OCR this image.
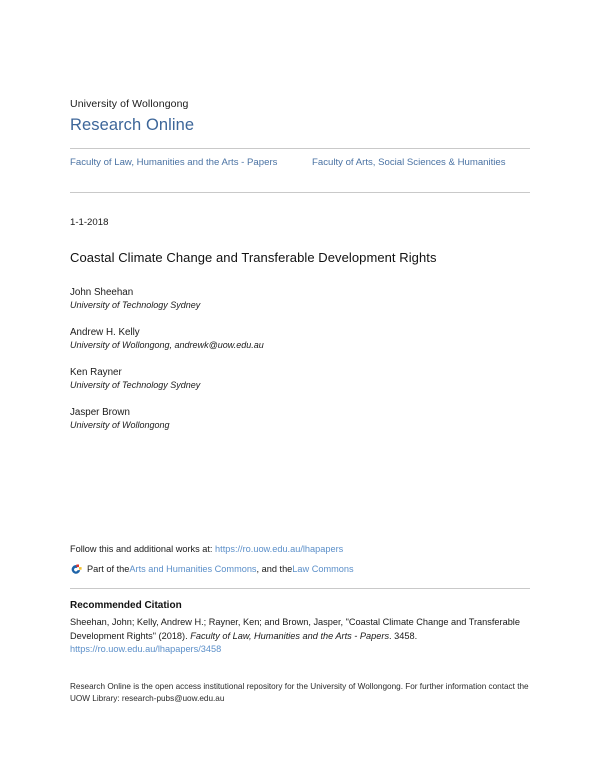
University of Wollongong
Research Online
Faculty of Law, Humanities and the Arts - Papers	Faculty of Arts, Social Sciences & Humanities
1-1-2018
Coastal Climate Change and Transferable Development Rights
John Sheehan
University of Technology Sydney
Andrew H. Kelly
University of Wollongong, andrewk@uow.edu.au
Ken Rayner
University of Technology Sydney
Jasper Brown
University of Wollongong
Follow this and additional works at: https://ro.uow.edu.au/lhapapers
Part of the Arts and Humanities Commons , and the Law Commons
Recommended Citation
Sheehan, John; Kelly, Andrew H.; Rayner, Ken; and Brown, Jasper, "Coastal Climate Change and Transferable Development Rights" (2018). Faculty of Law, Humanities and the Arts - Papers. 3458.
https://ro.uow.edu.au/lhapapers/3458
Research Online is the open access institutional repository for the University of Wollongong. For further information contact the UOW Library: research-pubs@uow.edu.au
